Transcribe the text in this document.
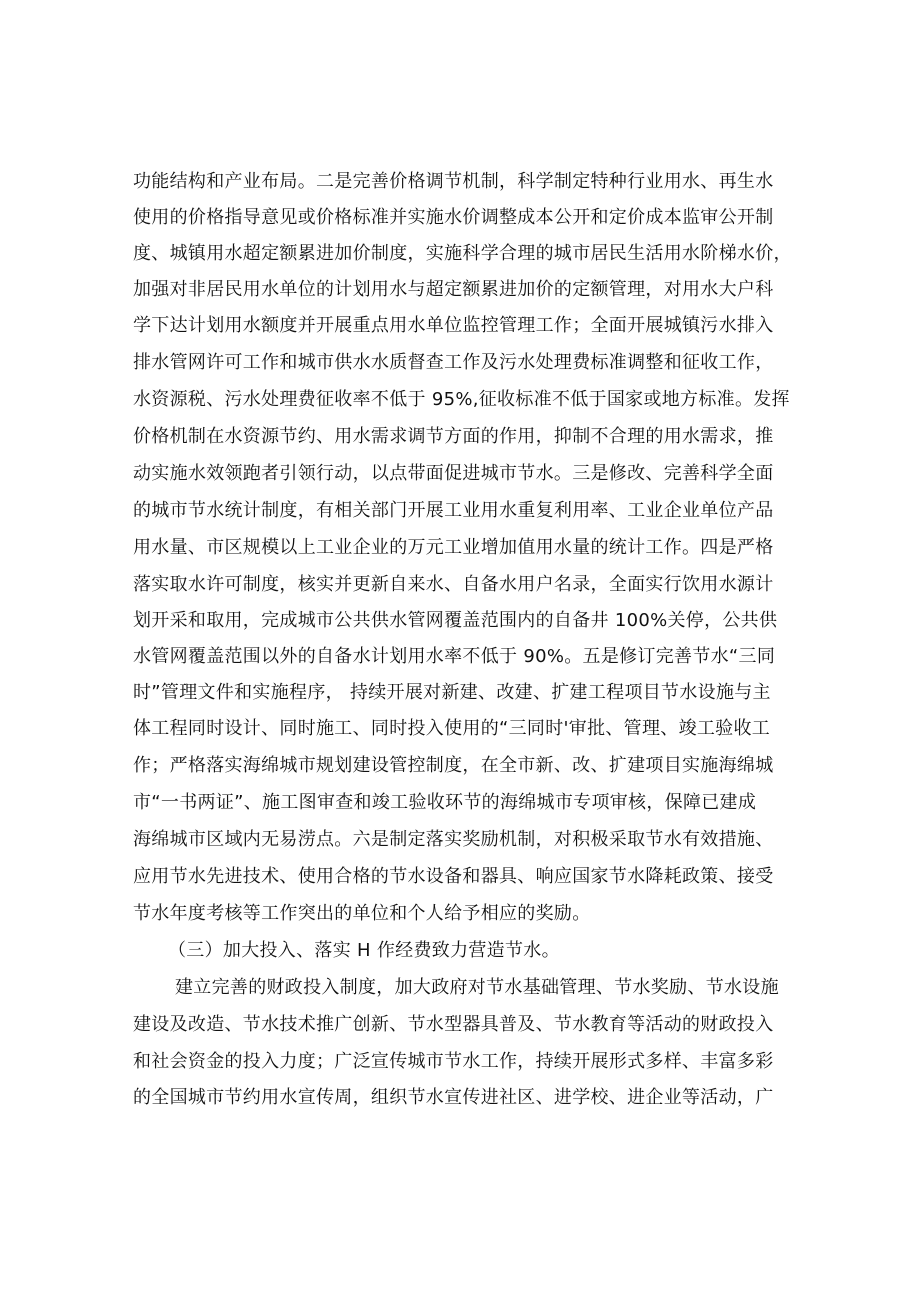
功能结构和产业布局。二是完善价格调节机制，科学制定特种行业用水、再生水
使用的价格指导意见或价格标准并实施水价调整成本公开和定价成本监审公开制
度、城镇用水超定额累进加价制度，实施科学合理的城市居民生活用水阶梯水价，
加强对非居民用水单位的计划用水与超定额累进加价的定额管理，对用水大户科
学下达计划用水额度并开展重点用水单位监控管理工作；全面开展城镇污水排入
排水管网许可工作和城市供水水质督查工作及污水处理费标准调整和征收工作，
水资源税、污水处理费征收率不低于 95%,征收标准不低于国家或地方标准。发挥
价格机制在水资源节约、用水需求调节方面的作用，抑制不合理的用水需求，推
动实施水效领跑者引领行动，以点带面促进城市节水。三是修改、完善科学全面
的城市节水统计制度，有相关部门开展工业用水重复利用率、工业企业单位产品
用水量、市区规模以上工业企业的万元工业增加值用水量的统计工作。四是严格
落实取水许可制度，核实并更新自来水、自备水用户名录，全面实行饮用水源计
划开采和取用，完成城市公共供水管网覆盖范围内的自备井 100%关停，公共供
水管网覆盖范围以外的自备水计划用水率不低于 90%。五是修订完善节水“三同
时”管理文件和实施程序， 持续开展对新建、改建、扩建工程项目节水设施与主
体工程同时设计、同时施工、同时投入使用的“三同时'审批、管理、竣工验收工
作；严格落实海绵城市规划建设管控制度，在全市新、改、扩建项目实施海绵城
市“一书两证”、施工图审查和竣工验收环节的海绵城市专项审核，保障已建成
海绵城市区域内无易涝点。六是制定落实奖励机制，对积极采取节水有效措施、
应用节水先进技术、使用合格的节水设备和器具、响应国家节水降耗政策、接受
节水年度考核等工作突出的单位和个人给予相应的奖励。
（三）加大投入、落实 H 作经费致力营造节水。
建立完善的财政投入制度，加大政府对节水基础管理、节水奖励、节水设施
建设及改造、节水技术推广创新、节水型器具普及、节水教育等活动的财政投入
和社会资金的投入力度；广泛宣传城市节水工作，持续开展形式多样、丰富多彩
的全国城市节约用水宣传周，组织节水宣传进社区、进学校、进企业等活动，广
